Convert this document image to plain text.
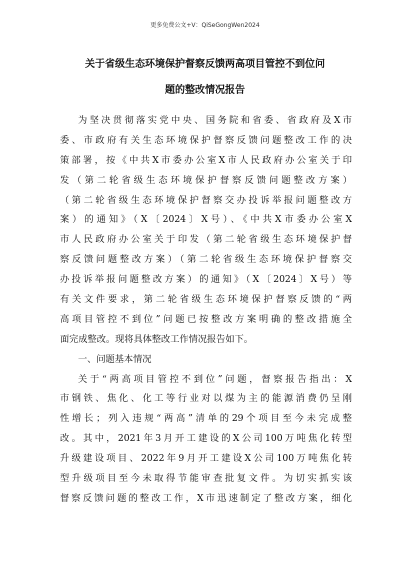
更多免费公文+V：QiSeGongWen2024
关于省级生态环境保护督察反馈两高项目管控不到位问
题的整改情况报告
为坚决贯彻落实党中央、国务院和省委、省政府及X市
委、市政府有关生态环境保护督察反馈问题整改工作的决
策部署，按《中共X市委办公室X市人民政府办公室关于印
发（第二轮省级生态环境保护督察反馈问题整改方案）
（第二轮省级生态环境保护督察交办投诉举报问题整改方
案）的通知》（X〔2024〕X号）、《中共X市委办公室X
市人民政府办公室关于印发（第二轮省级生态环境保护督
察反馈问题整改方案）（第二轮省级生态环境保护督察交
办投诉举报问题整改方案）的通知》（X〔2024〕X号）等
有关文件要求，第二轮省级生态环境保护督察反馈的“两
高项目管控不到位”问题已按整改方案明确的整改措施全
面完成整改。现将具体整改工作情况报告如下。
一、问题基本情况
关于“两高项目管控不到位”问题，督察报告指出：X
市钢铁、焦化、化工等行业对以煤为主的能源消费仍呈刚
性增长；列入违规“两高”清单的29个项目至今未完成整
改。其中，2021年3月开工建设的X公司100万吨焦化转型
升级建设项目、2022年9月开工建设X公司100万吨焦化转
型升级项目至今未取得节能审查批复文件。为切实抓实该
督察反馈问题的整改工作，X市迅速制定了整改方案，细化
